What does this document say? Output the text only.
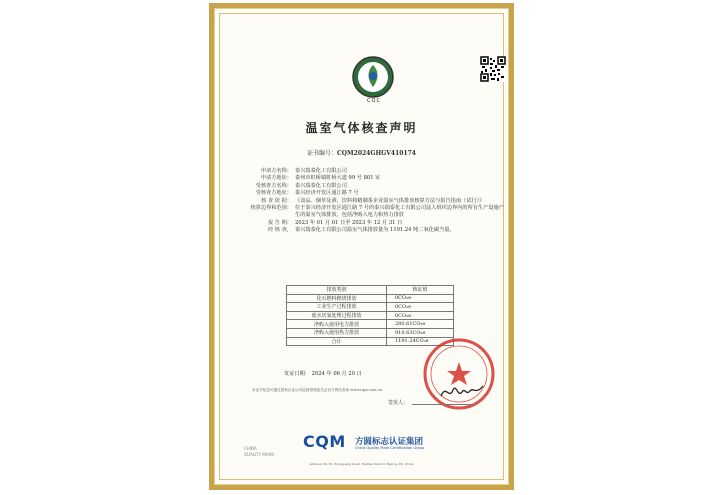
CQC
温室气体核查声明
证书编号：CQM2024GHGV410174
申请方名称： 泰兴瑞泰化工有限公司
申请方地址： 泰州市虹桥镇虹桥大道 99 号 801 室
受核查方名称： 泰兴瑞泰化工有限公司
受核查方地址： 泰兴经济开发区通江路 7 号
核 查 依 据： 《食品、烟草及酒、饮料和精制茶企业温室气体排放核算方法与报告指南（试行）》
核算边界和范围： 位于泰兴经济开发区通江路 7 号的泰兴瑞泰化工有限公司法人组织边界内的所有生产设施产生的温室气体排放，包括净购入电力和热力排放
报 告 期： 2023 年 01 月 01 日至 2023 年 12 月 31 日
经 核 查， 泰兴瑞泰化工有限公司温室气体排放量为 1191.24 吨二氧化碳当量。
排放类别	核证值
化石燃料燃烧排放	0CO₂e
工业生产过程排放	0CO₂e
废水厌氧处理过程排放	0CO₂e
净购入使用电力排放	280.61CO₂e
净购入使用热力排放	910.63CO₂e
合计	1191.24CO₂e
发证日期： 2024 年 06 月 20 日
本证书信息可通过国家认证认可监督管理委员会官方网站查询 www.cqm.com.cn
签发人：
CHINA
QUALITY MARK
CQM 方圆标志认证集团
China Quality Mark Certification Group
Address: No.33, Zengguang Road, Haidian District, Beijing, P.R. China
